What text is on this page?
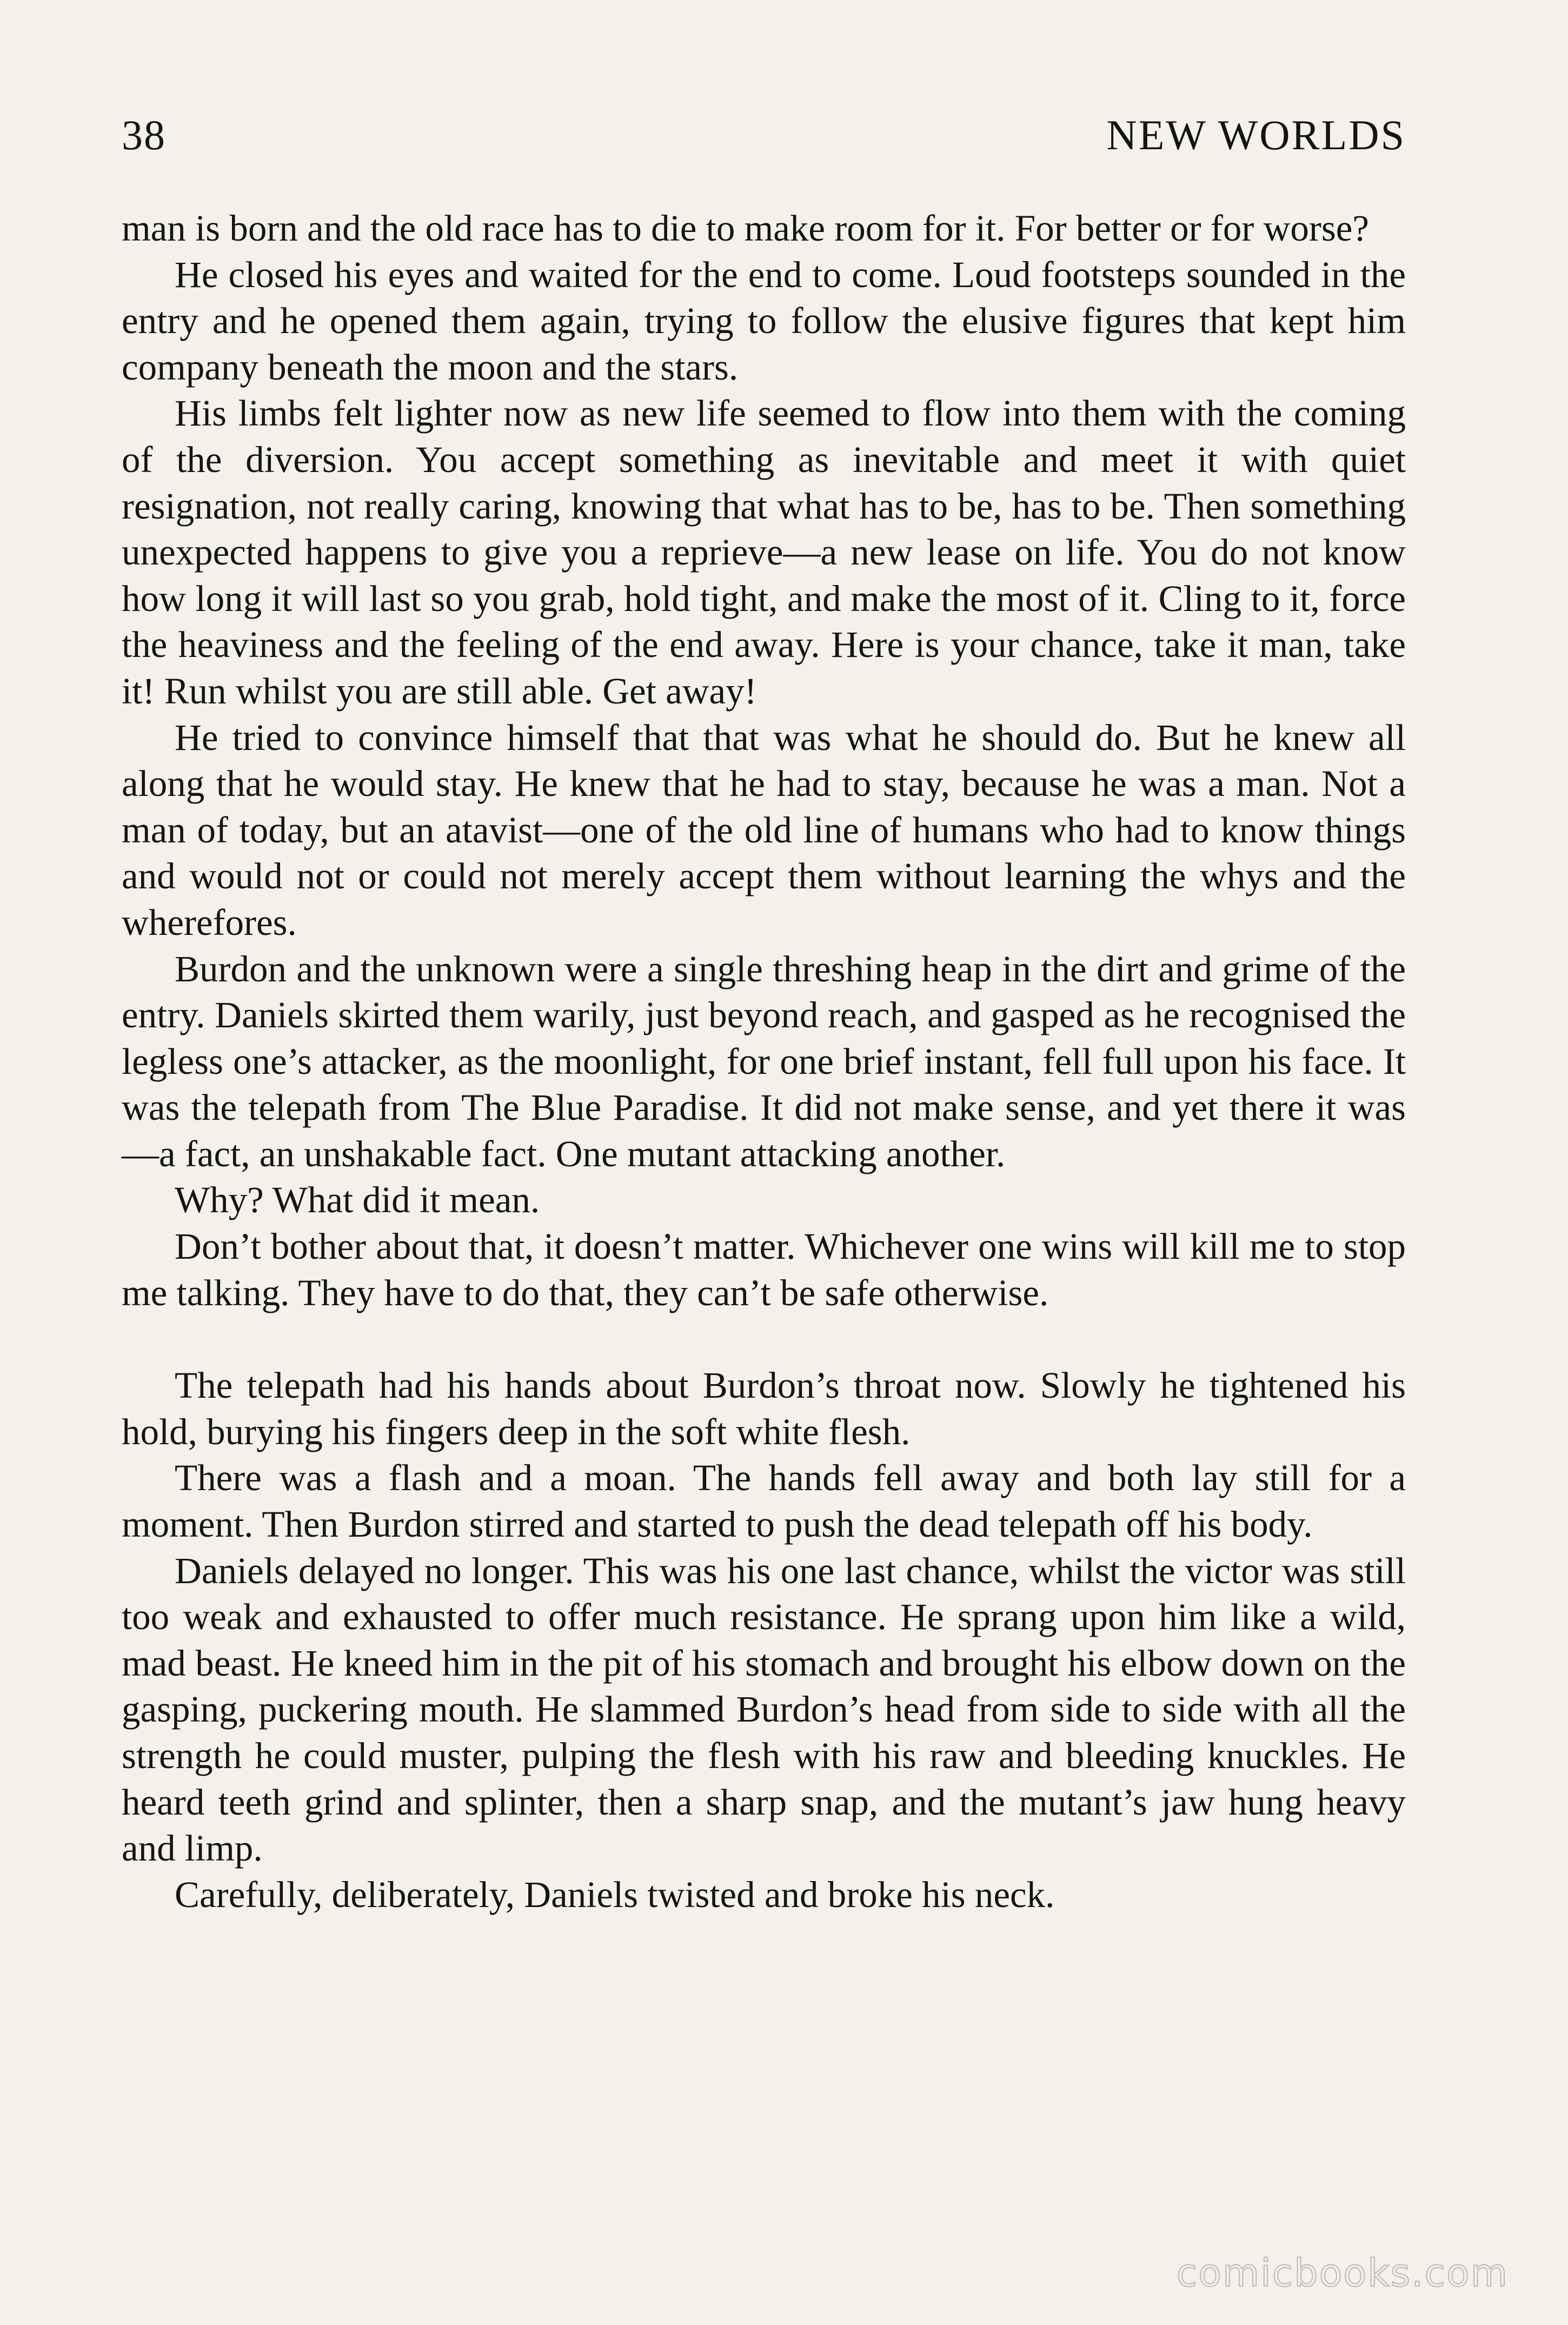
38	NEW WORLDS

man is born and the old race has to die to make room for it. For better or for worse?

He closed his eyes and waited for the end to come. Loud footsteps sounded in the entry and he opened them again, trying to follow the elusive figures that kept him company beneath the moon and the stars.

His limbs felt lighter now as new life seemed to flow into them with the coming of the diversion. You accept something as inevitable and meet it with quiet resignation, not really caring, knowing that what has to be, has to be. Then something unexpected happens to give you a reprieve—a new lease on life. You do not know how long it will last so you grab, hold tight, and make the most of it. Cling to it, force the heaviness and the feeling of the end away. Here is your chance, take it man, take it! Run whilst you are still able. Get away!

He tried to convince himself that that was what he should do. But he knew all along that he would stay. He knew that he had to stay, because he was a man. Not a man of today, but an atavist—one of the old line of humans who had to know things and would not or could not merely accept them without learning the whys and the wherefores.

Burdon and the unknown were a single threshing heap in the dirt and grime of the entry. Daniels skirted them warily, just beyond reach, and gasped as he recognised the legless one’s attacker, as the moonlight, for one brief instant, fell full upon his face. It was the telepath from The Blue Paradise. It did not make sense, and yet there it was—a fact, an unshakable fact. One mutant attacking another.

Why? What did it mean.

Don’t bother about that, it doesn’t matter. Whichever one wins will kill me to stop me talking. They have to do that, they can’t be safe otherwise.

The telepath had his hands about Burdon’s throat now. Slowly he tightened his hold, burying his fingers deep in the soft white flesh.

There was a flash and a moan. The hands fell away and both lay still for a moment. Then Burdon stirred and started to push the dead telepath off his body.

Daniels delayed no longer. This was his one last chance, whilst the victor was still too weak and exhausted to offer much resistance. He sprang upon him like a wild, mad beast. He kneed him in the pit of his stomach and brought his elbow down on the gasping, puckering mouth. He slammed Burdon’s head from side to side with all the strength he could muster, pulping the flesh with his raw and bleeding knuckles. He heard teeth grind and splinter, then a sharp snap, and the mutant’s jaw hung heavy and limp.

Carefully, deliberately, Daniels twisted and broke his neck.

comicbooks.com
